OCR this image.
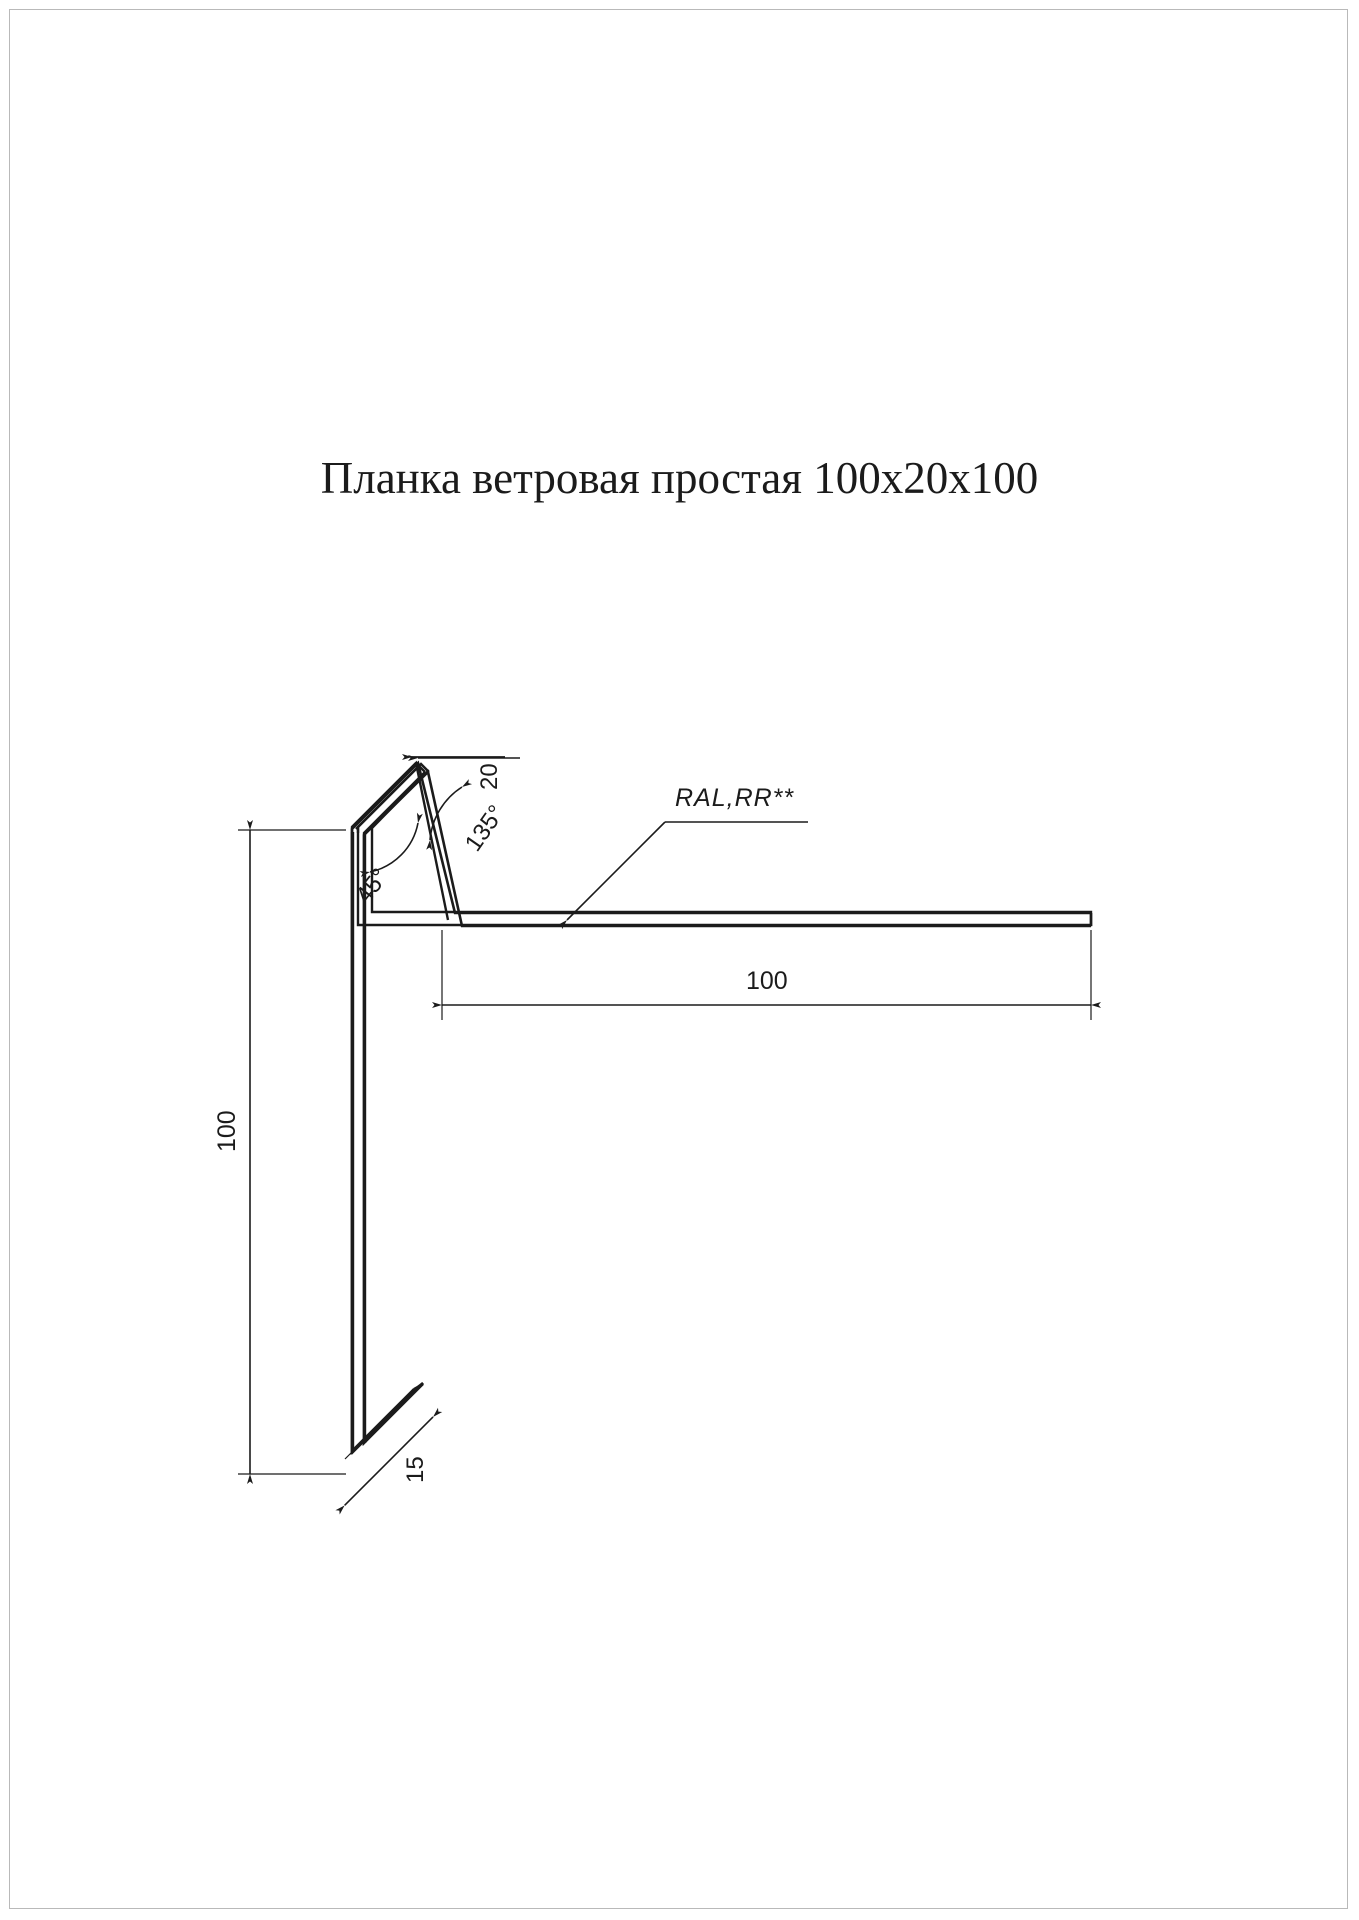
Планка ветровая простая 100х20х100
20
135°
45°
RAL,RR**
100
100
15
